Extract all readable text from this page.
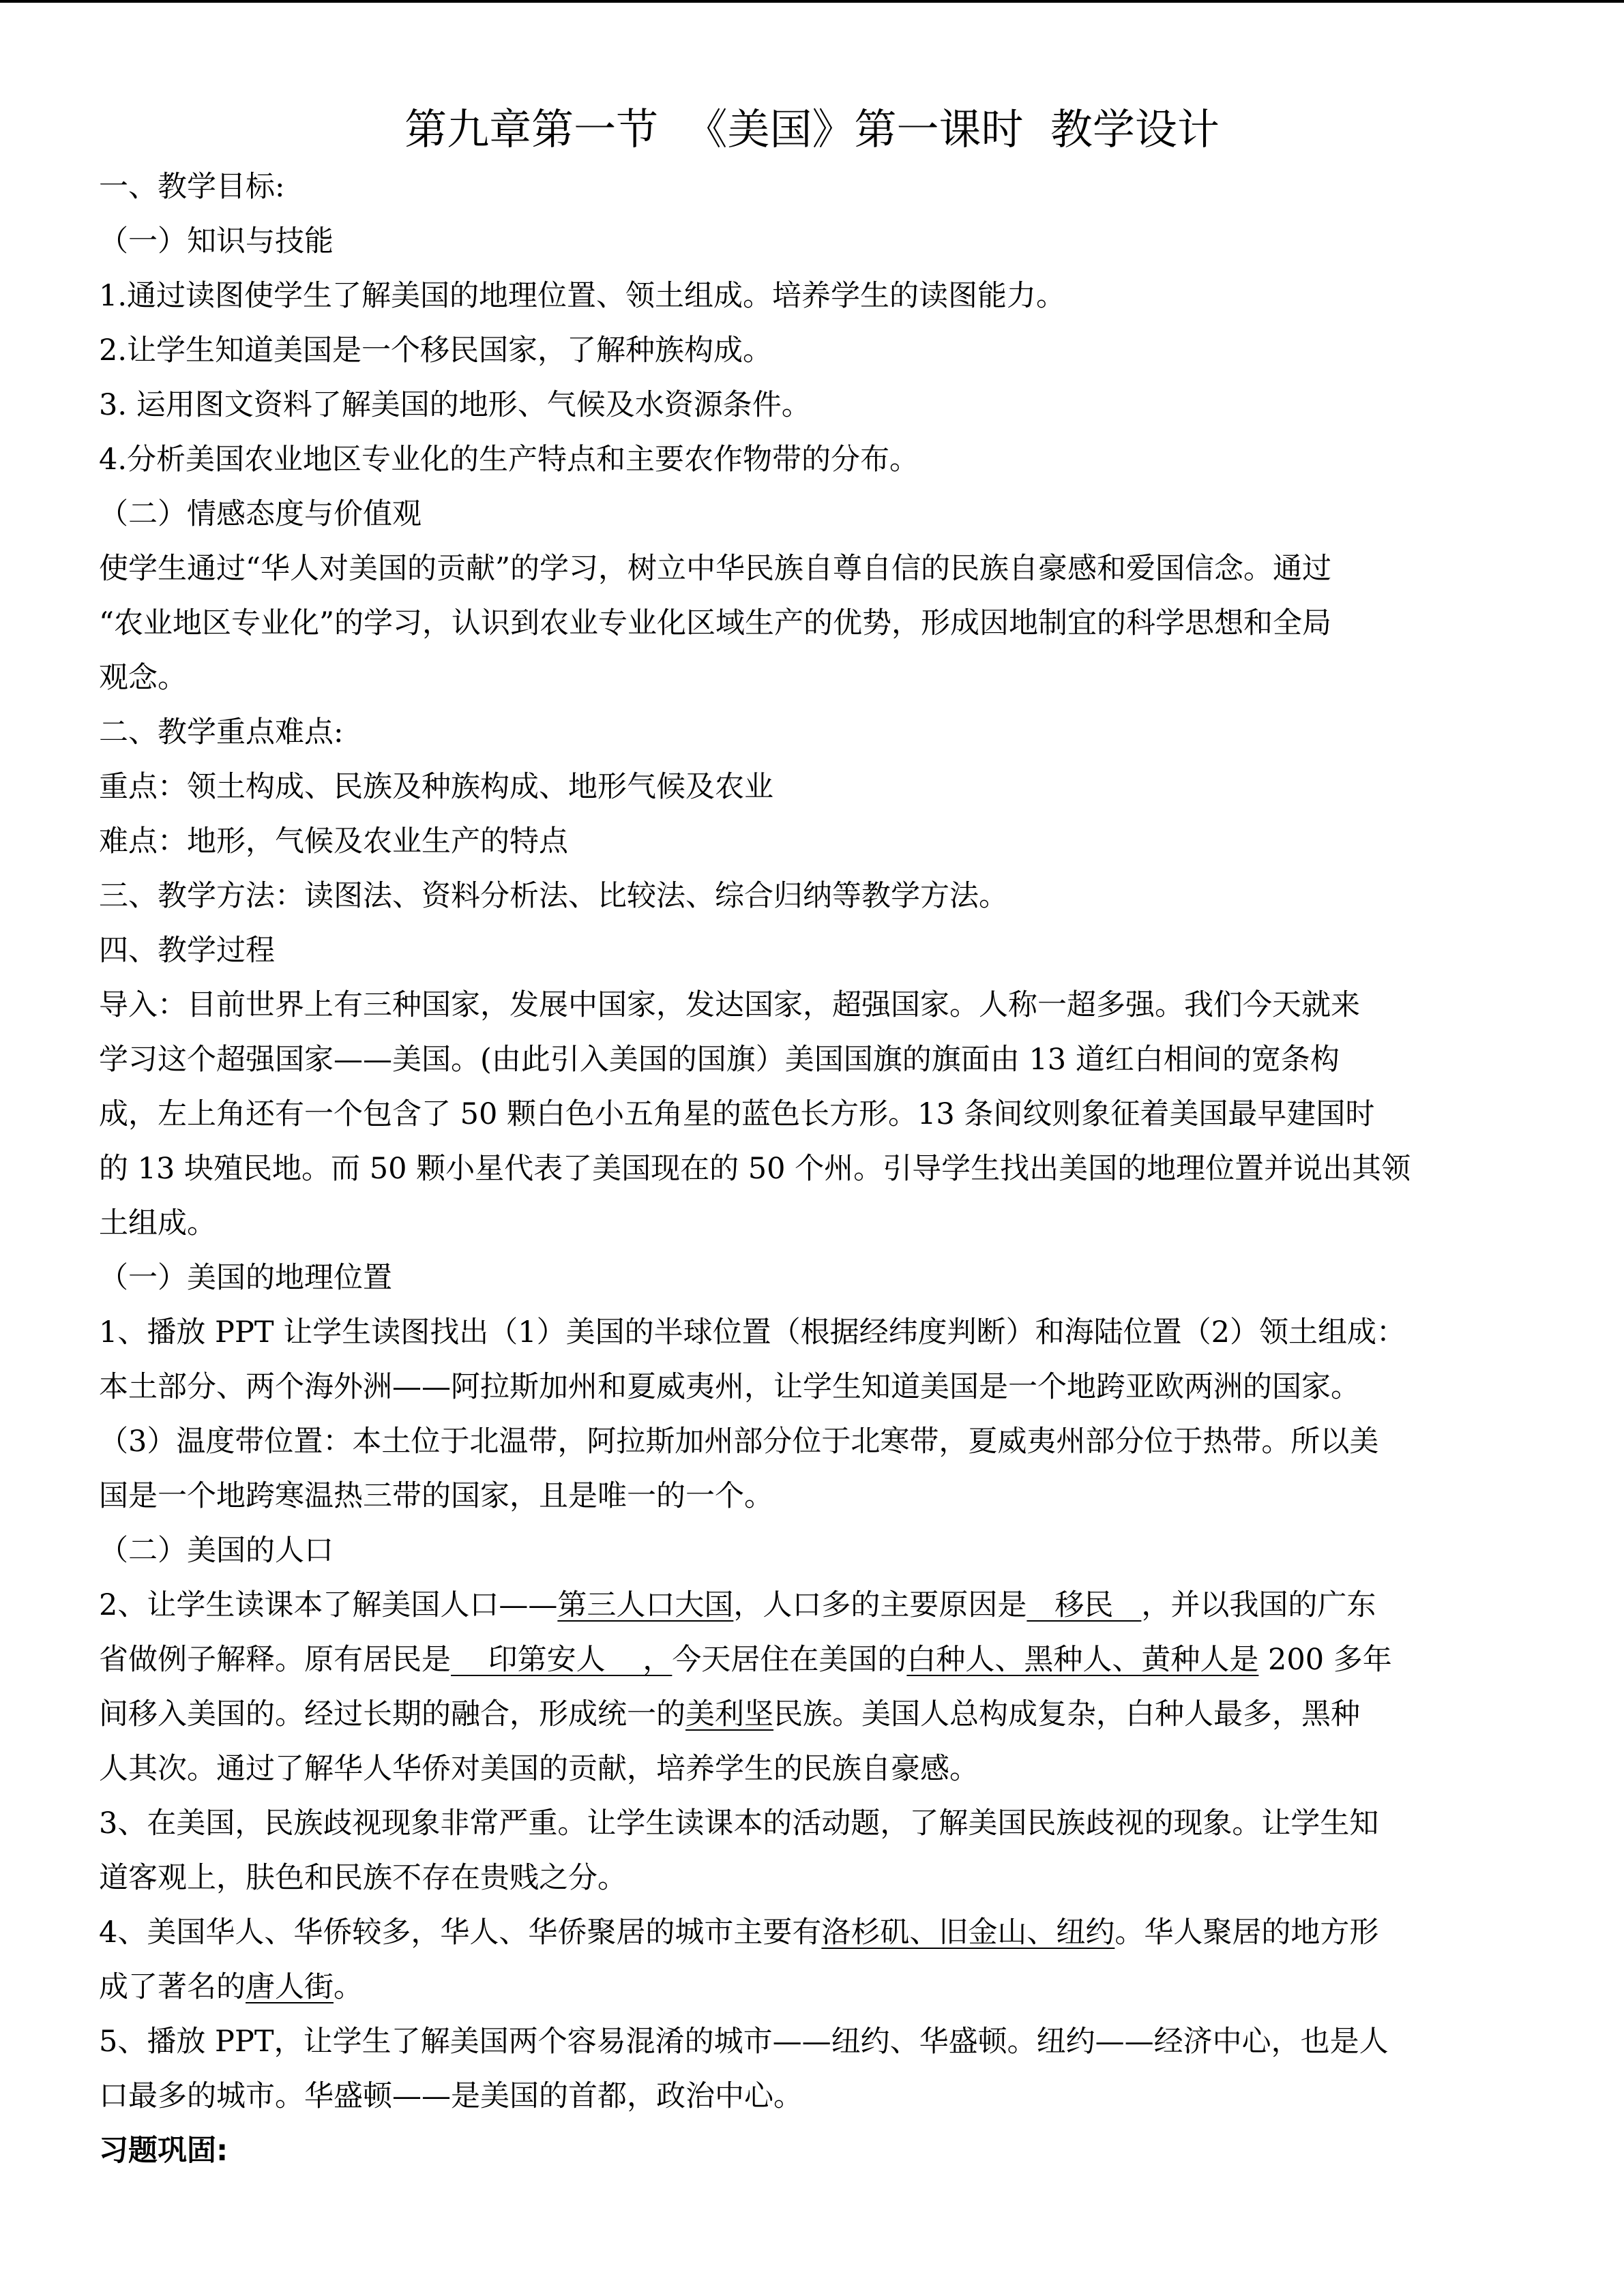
第九章第一节  《美国》第一课时  教学设计
一、教学目标:
（一）知识与技能
1.通过读图使学生了解美国的地理位置、领土组成。培养学生的读图能力。
2.让学生知道美国是一个移民国家，了解种族构成。
3. 运用图文资料了解美国的地形、气候及水资源条件。
4.分析美国农业地区专业化的生产特点和主要农作物带的分布。
（二）情感态度与价值观
使学生通过“华人对美国的贡献”的学习，树立中华民族自尊自信的民族自豪感和爱国信念。通过
“农业地区专业化”的学习，认识到农业专业化区域生产的优势，形成因地制宜的科学思想和全局
观念。
二、教学重点难点:
重点：领土构成、民族及种族构成、地形气候及农业
难点：地形，气候及农业生产的特点
三、教学方法：读图法、资料分析法、比较法、综合归纳等教学方法。
四、教学过程
导入：目前世界上有三种国家，发展中国家，发达国家，超强国家。人称一超多强。我们今天就来
学习这个超强国家——美国。(由此引入美国的国旗）美国国旗的旗面由 13 道红白相间的宽条构
成，左上角还有一个包含了 50 颗白色小五角星的蓝色长方形。13 条间纹则象征着美国最早建国时
的 13 块殖民地。而 50 颗小星代表了美国现在的 50 个州。引导学生找出美国的地理位置并说出其领
土组成。
（一）美国的地理位置
1、播放 PPT 让学生读图找出（1）美国的半球位置（根据经纬度判断）和海陆位置（2）领土组成：
本土部分、两个海外洲——阿拉斯加州和夏威夷州，让学生知道美国是一个地跨亚欧两洲的国家。
（3）温度带位置：本土位于北温带，阿拉斯加州部分位于北寒带，夏威夷州部分位于热带。所以美
国是一个地跨寒温热三带的国家，且是唯一的一个。
（二）美国的人口
2、让学生读课本了解美国人口——第三人口大国，人口多的主要原因是   移民   ，并以我国的广东
省做例子解释。原有居民是    印第安人    ，今天居住在美国的白种人、黑种人、黄种人是 200 多年
间移入美国的。经过长期的融合，形成统一的美利坚民族。美国人总构成复杂，白种人最多，黑种
人其次。通过了解华人华侨对美国的贡献，培养学生的民族自豪感。
3、在美国，民族歧视现象非常严重。让学生读课本的活动题，了解美国民族歧视的现象。让学生知
道客观上，肤色和民族不存在贵贱之分。
4、美国华人、华侨较多，华人、华侨聚居的城市主要有洛杉矶、旧金山、纽约。华人聚居的地方形
成了著名的唐人街。
5、播放 PPT，让学生了解美国两个容易混淆的城市——纽约、华盛顿。纽约——经济中心，也是人
口最多的城市。华盛顿——是美国的首都，政治中心。
习题巩固:
